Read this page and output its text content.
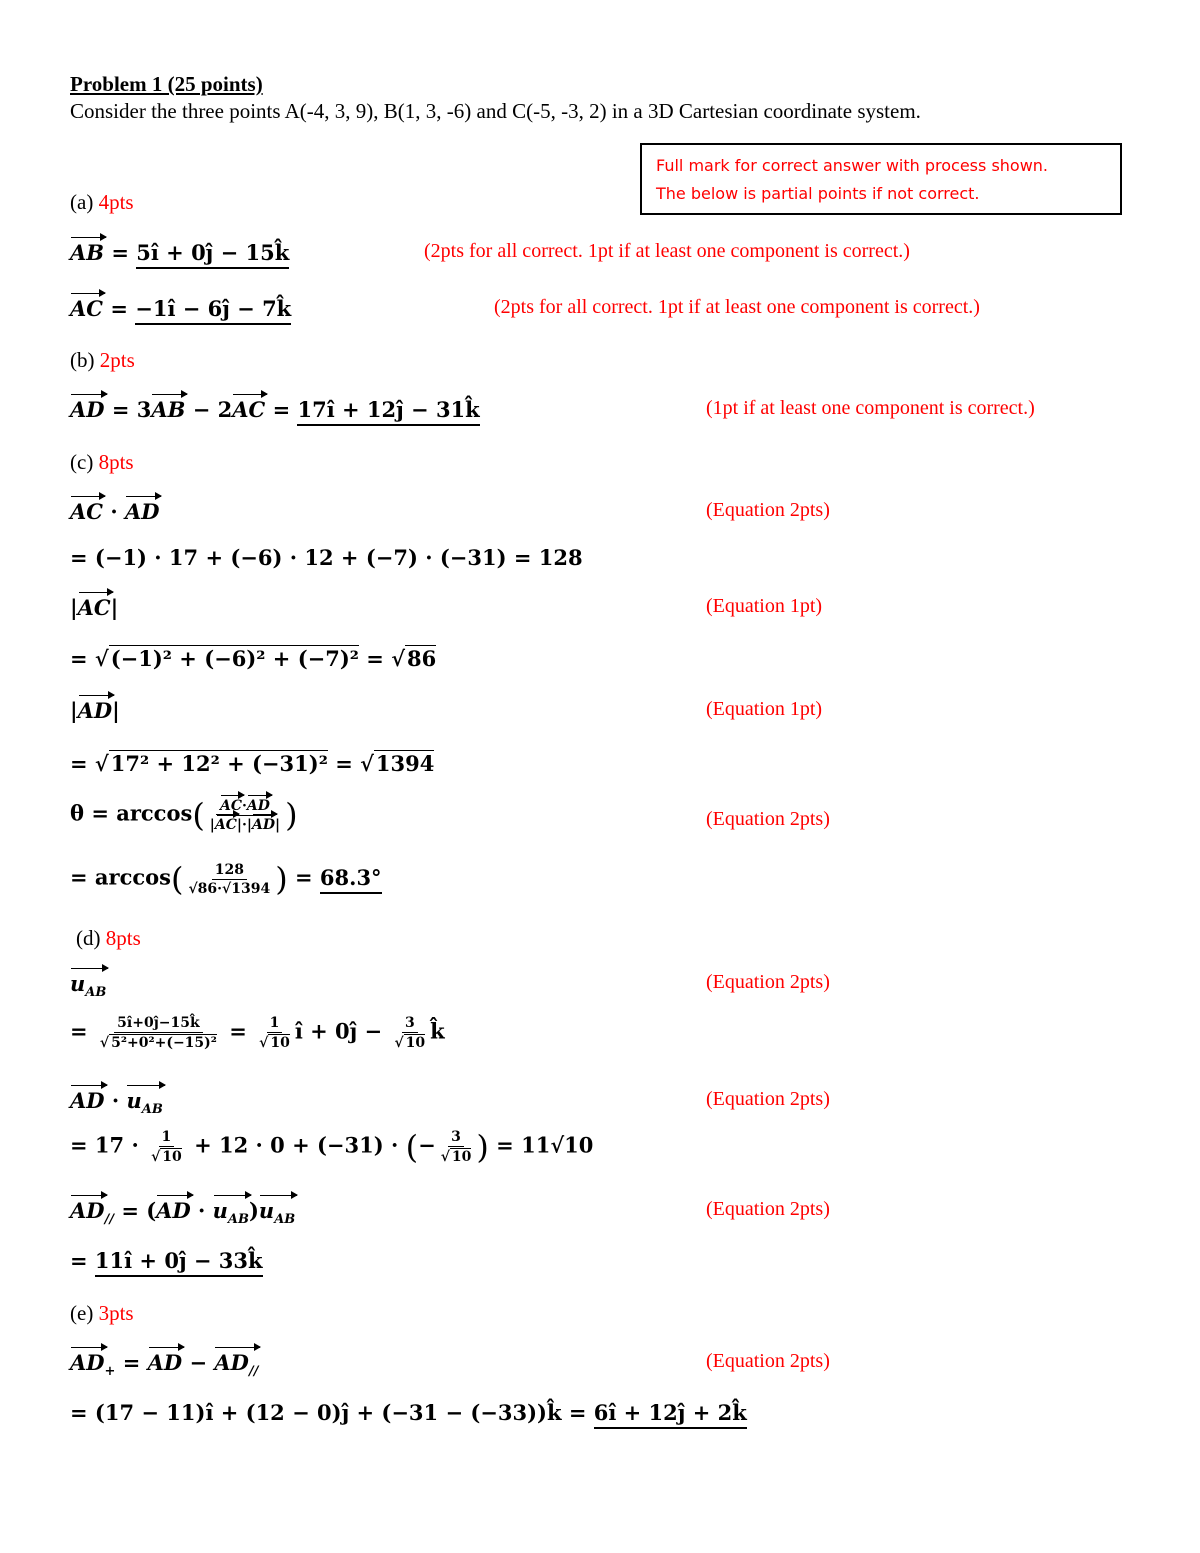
Problem 1 (25 points)
Consider the three points A(-4, 3, 9), B(1, 3, -6) and C(-5, -3, 2) in a 3D Cartesian coordinate system.
Full mark for correct answer with process shown.
The below is partial points if not correct.
(a) 4pts
AB = 5î + 0ĵ − 15k̂	(2pts for all correct. 1pt if at least one component is correct.)
AC = −1î − 6ĵ − 7k̂	(2pts for all correct. 1pt if at least one component is correct.)
(b) 2pts
AD = 3AB − 2AC = 17î + 12ĵ − 31k̂	(1pt if at least one component is correct.)
(c) 8pts
AC · AD	(Equation 2pts)
= (−1) · 17 + (−6) · 12 + (−7) · (−31) = 128
|AC|	(Equation 1pt)
= √(−1)² + (−6)² + (−7)² = √86
|AD|	(Equation 1pt)
= √17² + 12² + (−31)² = √1394
$\theta = \arccos( \frac{AC\cdot AD}{|AC|\cdot|AD|}$ )	(Equation 2pts)
= $\arccos( \frac{128}{√86\cdot√1394}$ ) = 68.3°
(d) 8pts
$u_{AB}$	(Equation 2pts)
= $\frac{5î+0ĵ-15k̂}{\text{√ 5²+0²+(−15)²}} = \frac{1}{√ 10}$ î + 0ĵ − $\frac{3}{√ 10}$ k̂
AD · $u_{AB}$	(Equation 2pts)
= $17 \cdot \frac{1}{√ 10} + 12 \cdot 0 + (-31)$ · (− $\frac{3}{√ 10}$ ) = 11√10
$AD_{//} = (AD \cdot u_{AB})u_{AB}$	(Equation 2pts)
= 11î + 0ĵ − 33k̂
(e) 3pts
$AD_+$ = AD − $AD_{//}$	(Equation 2pts)
= (17 − 11)î + (12 − 0)ĵ + (−31 − (−33))k̂ = 6î + 12ĵ + 2k̂
